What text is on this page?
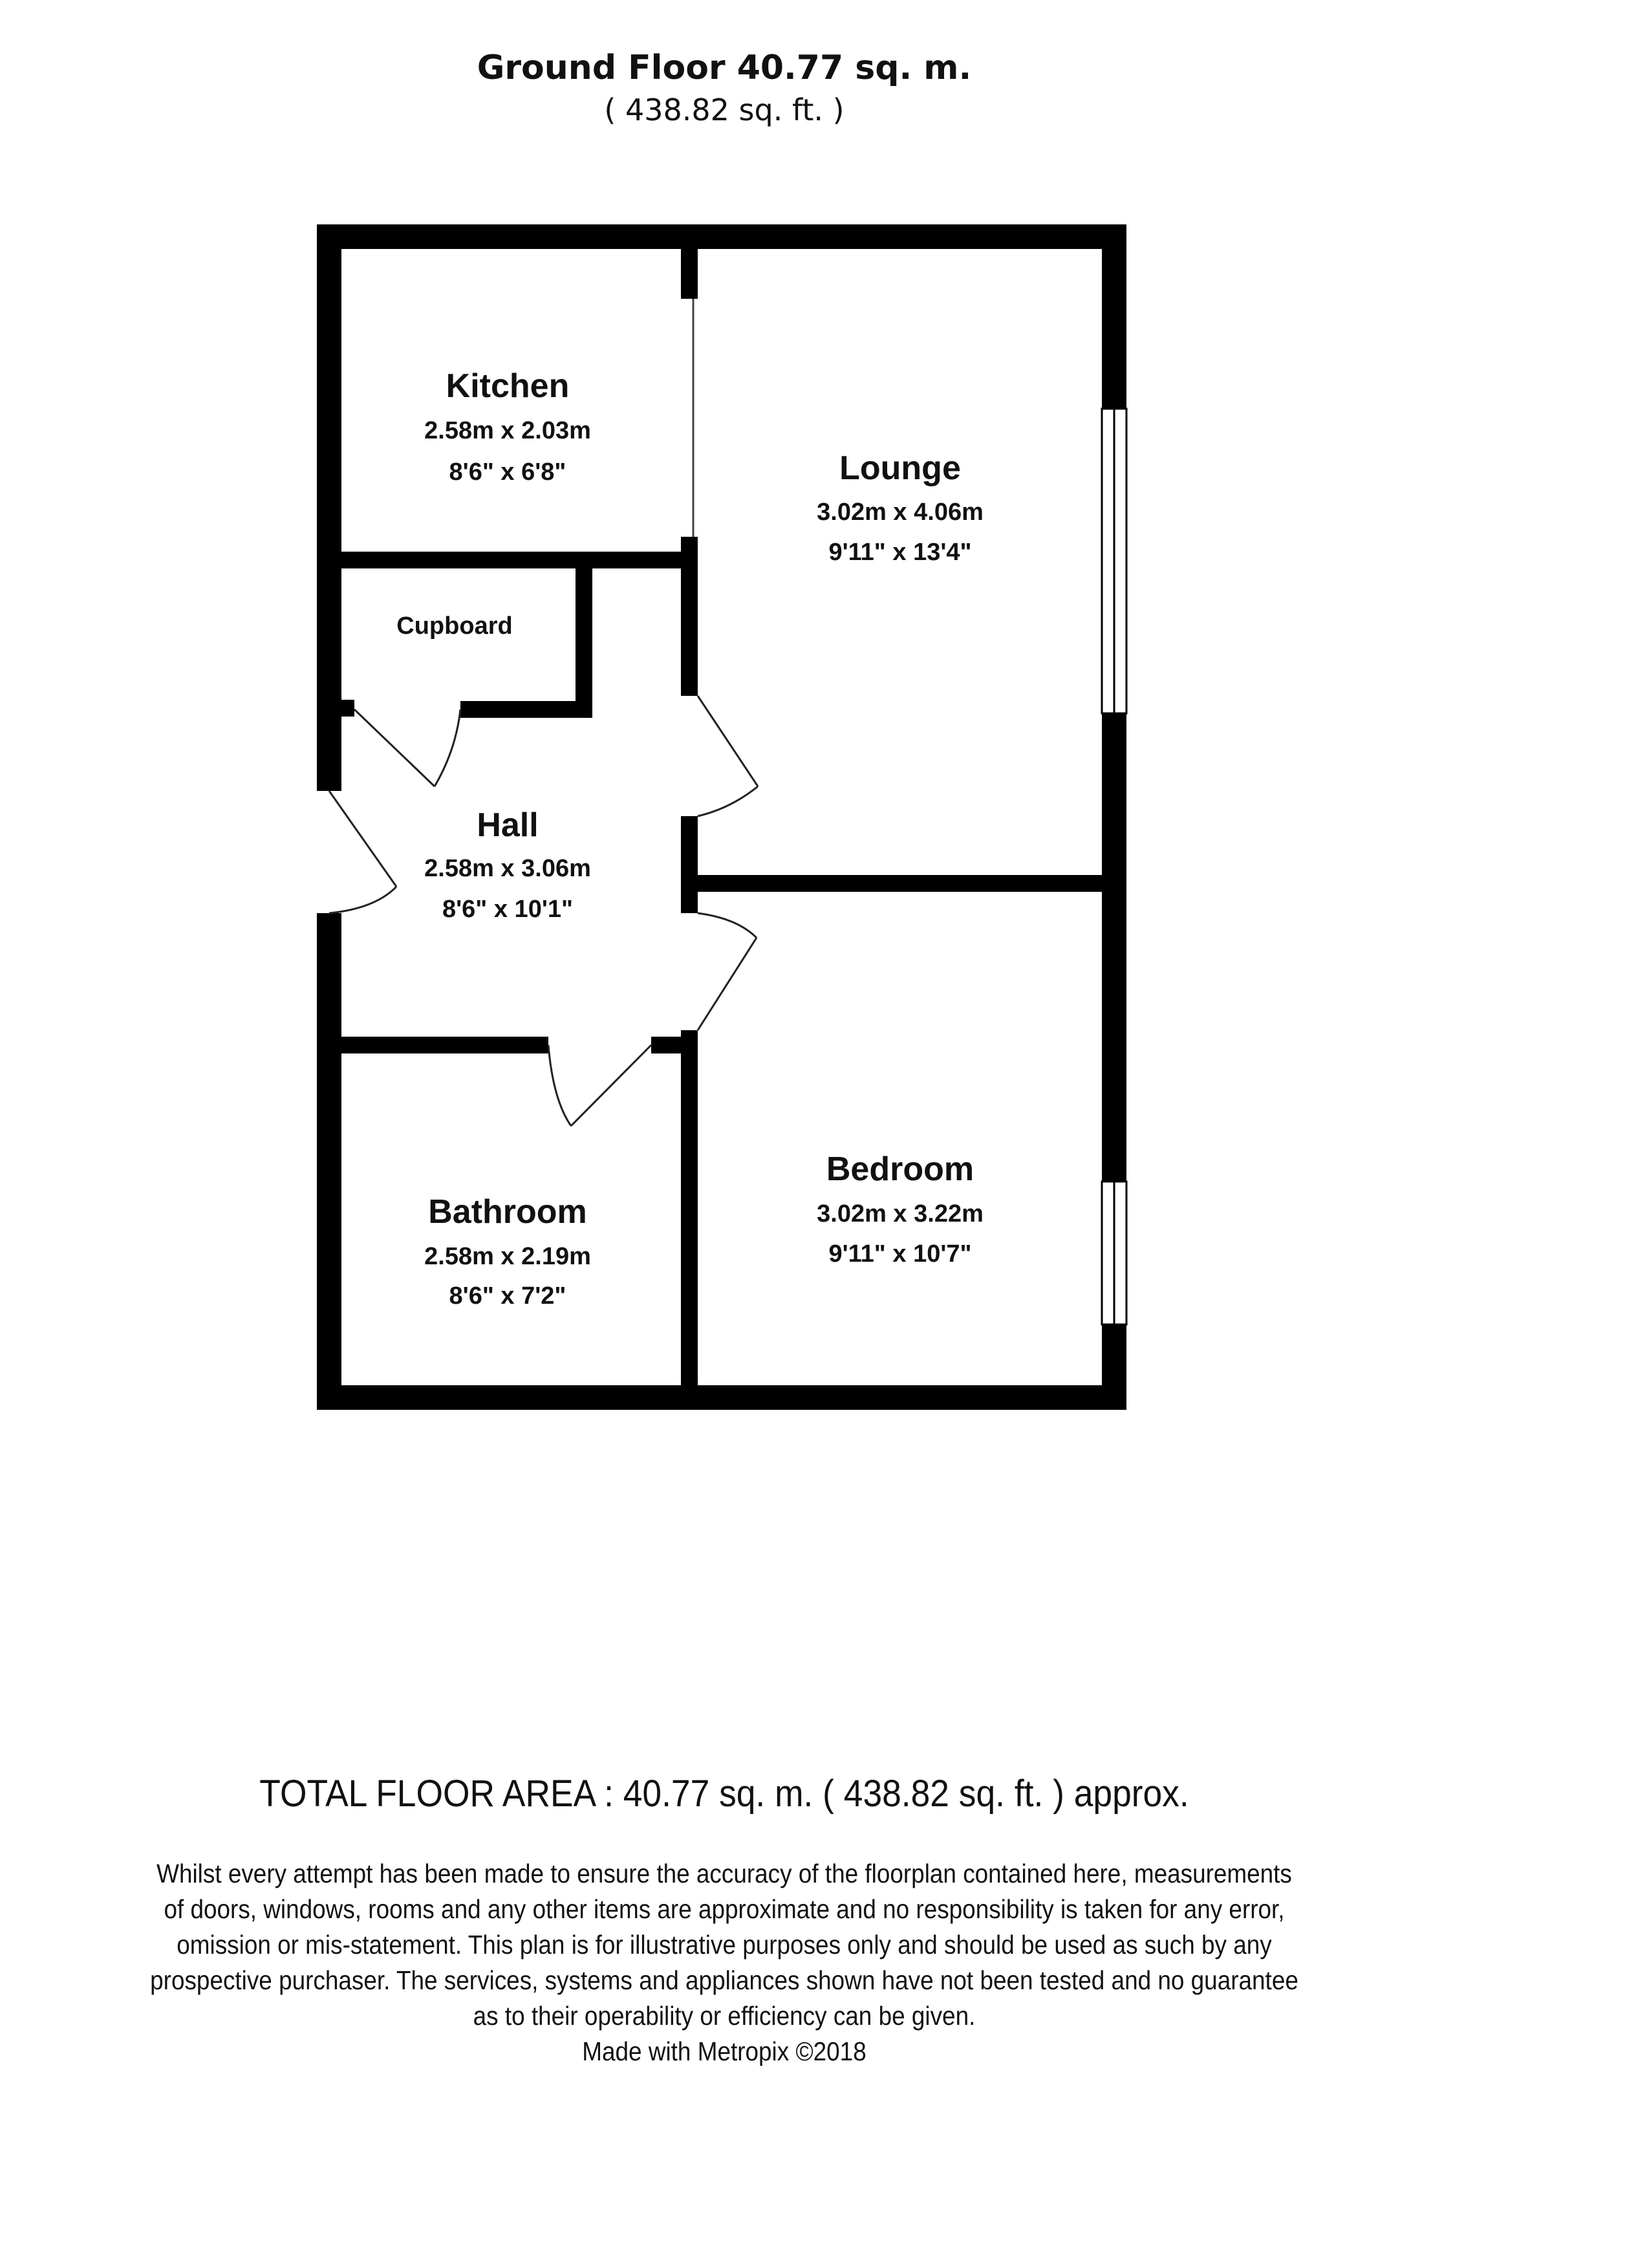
Ground Floor 40.77 sq. m.
( 438.82 sq. ft. )
Kitchen
2.58m x 2.03m
8'6" x 6'8"	Lounge
3.02m x 4.06m
9'11" x 13'4"
Cupboard
Hall
2.58m x 3.06m
8'6" x 10'1"
Bathroom
2.58m x 2.19m
8'6" x 7'2"
Bedroom
3.02m x 3.22m
9'11" x 10'7"
TOTAL FLOOR AREA : 40.77 sq. m. ( 438.82 sq. ft. ) approx.

Whilst every attempt has been made to ensure the accuracy of the floorplan contained here, measurements

of doors, windows, rooms and any other items are approximate and no responsibility is taken for any error,

omission or mis-statement. This plan is for illustrative purposes only and should be used as such by any

prospective purchaser. The services, systems and appliances shown have not been tested and no guarantee

as to their operability or efficiency can be given.

Made with Metropix ©2018
